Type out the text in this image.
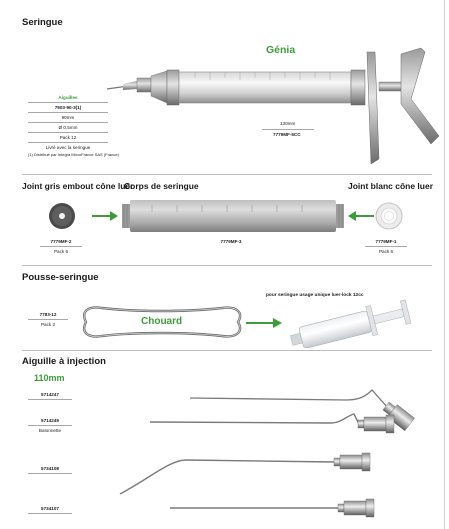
Seringue
Génia
Aiguilles
7903-90-3(1)
90mm
Ø 0,5mm
Pack 12
Livré avec la seringue
(1) Distribué par Integra MicroFrance SAS (France)
130mm
7779MF-5CC
Joint gris embout cône luer
Corps de seringue	Joint blanc cône luer
7779MF-2
Pack 6
7779MF-3	7779MF-1
Pack 6
Pousse-seringue
7783-12
Pack 2	Chouard
pour seringue usage unique luer-lock 12cc
Aiguille à injection
110mm
5714247
5714249
Baïonnette
5734108
5734107
